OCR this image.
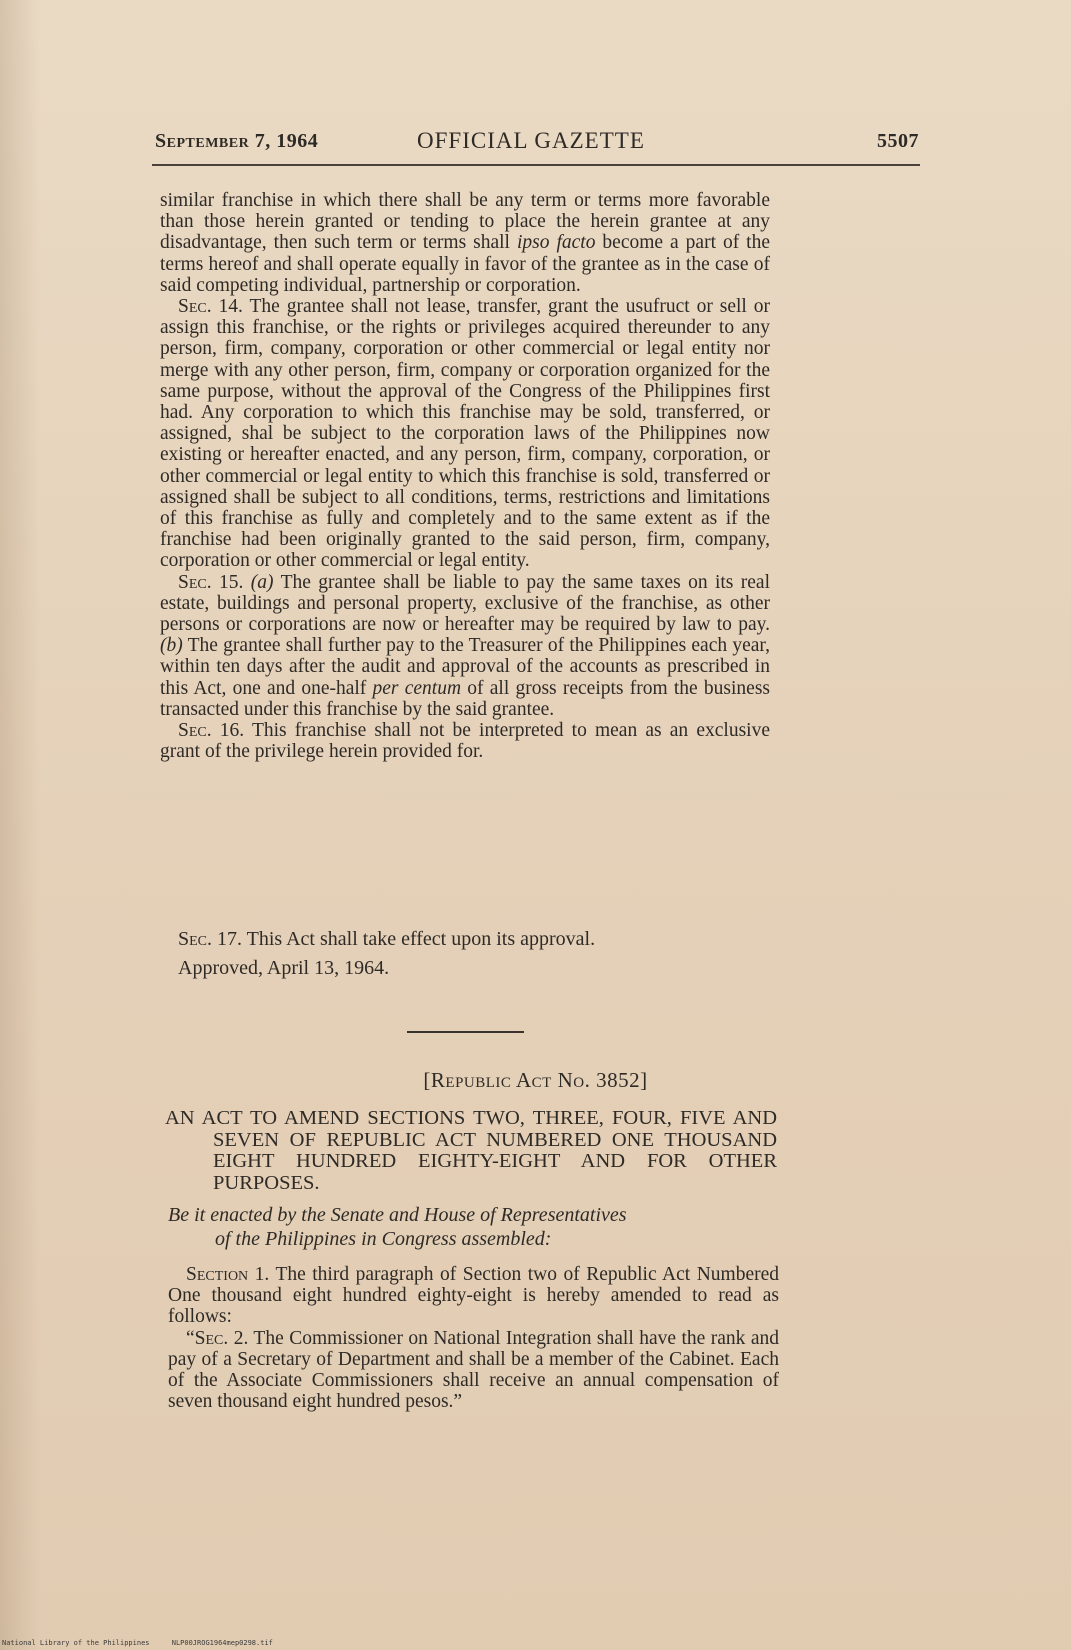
September 7, 1964	OFFICIAL GAZETTE	5507

similar franchise in which there shall be any term or terms more favorable than those herein granted or tending to place the herein grantee at any disadvantage, then such term or terms shall ipso facto become a part of the terms hereof and shall operate equally in favor of the grantee as in the case of said competing individual, partnership or corporation.

Sec. 14. The grantee shall not lease, transfer, grant the usufruct or sell or assign this franchise, or the rights or privileges acquired thereunder to any person, firm, company, corporation or other commercial or legal entity nor merge with any other person, firm, company or corporation organized for the same purpose, without the approval of the Congress of the Philippines first had. Any corporation to which this franchise may be sold, transferred, or assigned, shal be subject to the corporation laws of the Philippines now existing or hereafter enacted, and any person, firm, company, corporation, or other commercial or legal entity to which this franchise is sold, transferred or assigned shall be subject to all conditions, terms, restrictions and limitations of this franchise as fully and completely and to the same extent as if the franchise had been originally granted to the said person, firm, company, corporation or other commercial or legal entity.

Sec. 15. (a) The grantee shall be liable to pay the same taxes on its real estate, buildings and personal property, exclusive of the franchise, as other persons or corporations are now or hereafter may be required by law to pay. (b) The grantee shall further pay to the Treasurer of the Philippines each year, within ten days after the audit and approval of the accounts as prescribed in this Act, one and one-half per centum of all gross receipts from the business transacted under this franchise by the said grantee.

Sec. 16. This franchise shall not be interpreted to mean as an exclusive grant of the privilege herein provided for.

Sec. 17. This Act shall take effect upon its approval.
Approved, April 13, 1964.
[Republic Act No. 3852]
AN ACT TO AMEND SECTIONS TWO, THREE, FOUR, FIVE AND SEVEN OF REPUBLIC ACT NUMBERED ONE THOUSAND EIGHT HUNDRED EIGHTY-EIGHT AND FOR OTHER PURPOSES.
Be it enacted by the Senate and House of Representatives
of the Philippines in Congress assembled:

Section 1. The third paragraph of Section two of Republic Act Numbered One thousand eight hundred eighty-eight is hereby amended to read as follows:

“Sec. 2. The Commissioner on National Integration shall have the rank and pay of a Secretary of Department and shall be a member of the Cabinet. Each of the Associate Commissioners shall receive an annual compensation of seven thousand eight hundred pesos.”

National Library of the Philippines	NLP00JROG1964mep0298.tif
